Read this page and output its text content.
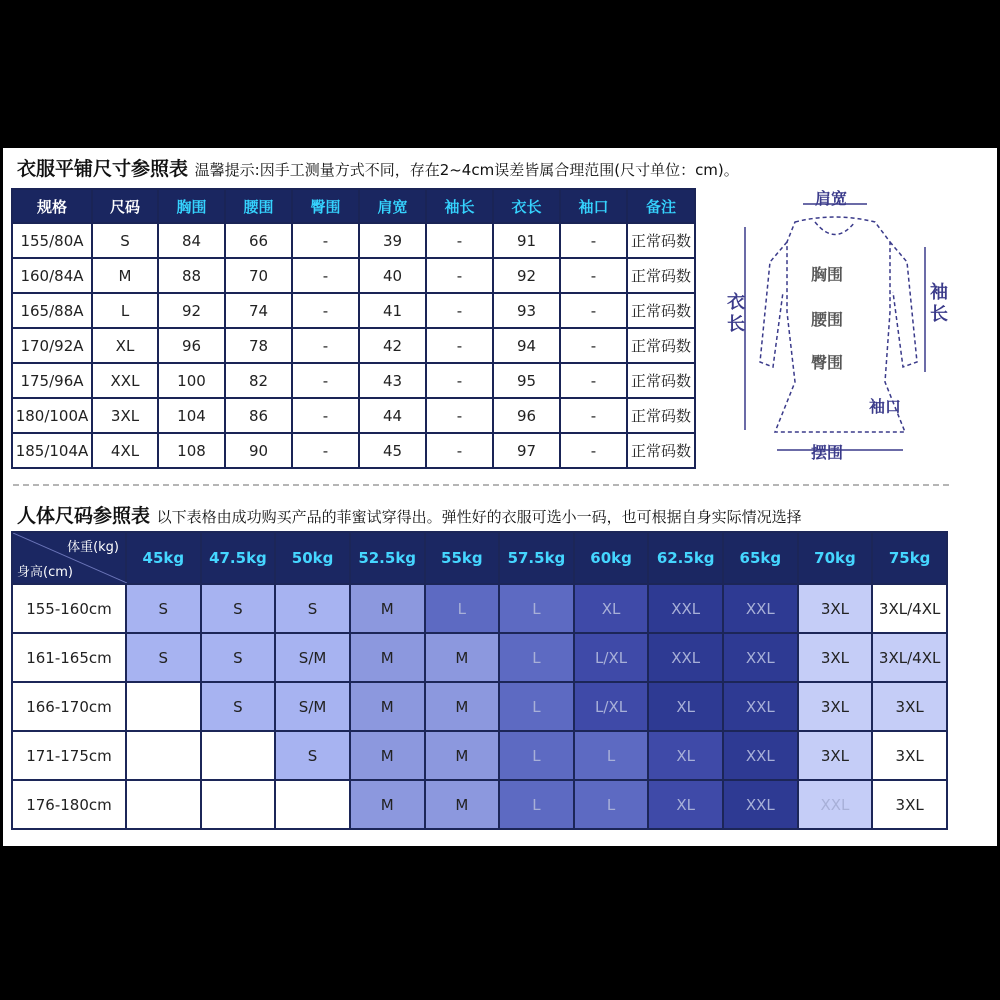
衣服平铺尺寸参照表 温馨提示:因手工测量方式不同，存在2~4cm误差皆属合理范围(尺寸单位：cm)。
规格	尺码	胸围	腰围	臀围	肩宽	袖长	衣长	袖口	备注
155/80A	S	84	66	-	39	-	91	-	正常码数
160/84A	M	88	70	-	40	-	92	-	正常码数
165/88A	L	92	74	-	41	-	93	-	正常码数
170/92A	XL	96	78	-	42	-	94	-	正常码数
175/96A	XXL	100	82	-	43	-	95	-	正常码数
180/100A	3XL	104	86	-	44	-	96	-	正常码数
185/104A	4XL	108	90	-	45	-	97	-	正常码数
肩宽
胸围
腰围
臀围
衣长
袖长
袖口
摆围
人体尺码参照表 以下表格由成功购买产品的菲蜜试穿得出。弹性好的衣服可选小一码，也可根据自身实际情况选择
体重(kg)
身高(cm)	45kg	47.5kg	50kg	52.5kg	55kg	57.5kg	60kg	62.5kg	65kg	70kg	75kg
155-160cm	S	S	S	M	L	L	XL	XXL	XXL	3XL	3XL/4XL
161-165cm	S	S	S/M	M	M	L	L/XL	XXL	XXL	3XL	3XL/4XL
166-170cm		S	S/M	M	M	L	L/XL	XL	XXL	3XL	3XL
171-175cm			S	M	M	L	L	XL	XXL	3XL	3XL
176-180cm				M	M	L	L	XL	XXL	XXL	3XL
